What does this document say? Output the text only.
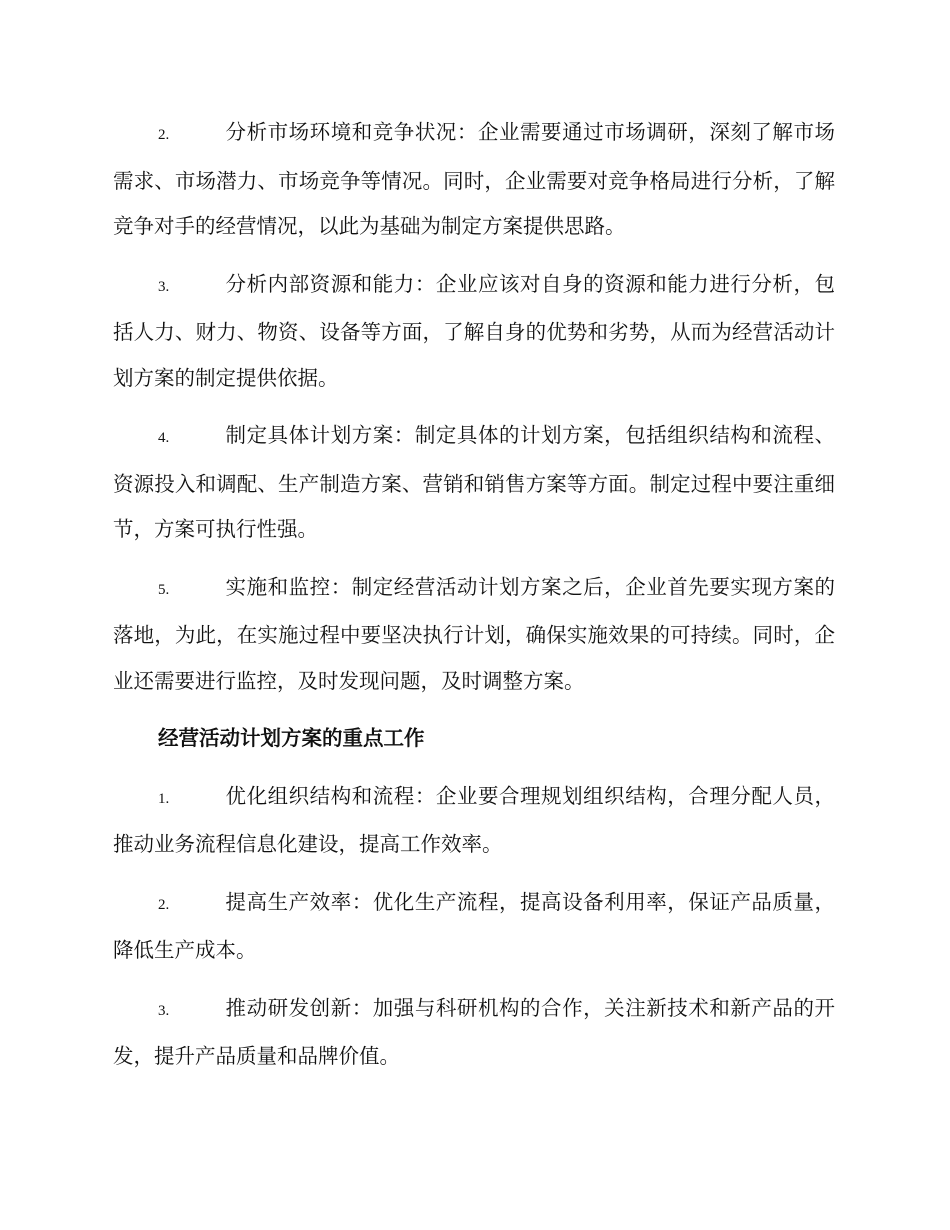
2.	分析市场环境和竞争状况：企业需要通过市场调研，深刻了解市场需求、市场潜力、市场竞争等情况。同时，企业需要对竞争格局进行分析，了解竞争对手的经营情况，以此为基础为制定方案提供思路。

3.	分析内部资源和能力：企业应该对自身的资源和能力进行分析，包括人力、财力、物资、设备等方面，了解自身的优势和劣势，从而为经营活动计划方案的制定提供依据。

4.	制定具体计划方案：制定具体的计划方案，包括组织结构和流程、资源投入和调配、生产制造方案、营销和销售方案等方面。制定过程中要注重细节，方案可执行性强。

5.	实施和监控：制定经营活动计划方案之后，企业首先要实现方案的落地，为此，在实施过程中要坚决执行计划，确保实施效果的可持续。同时，企业还需要进行监控，及时发现问题，及时调整方案。

经营活动计划方案的重点工作

1.	优化组织结构和流程：企业要合理规划组织结构，合理分配人员，推动业务流程信息化建设，提高工作效率。

2.	提高生产效率：优化生产流程，提高设备利用率，保证产品质量，降低生产成本。

3.	推动研发创新：加强与科研机构的合作，关注新技术和新产品的开发，提升产品质量和品牌价值。
